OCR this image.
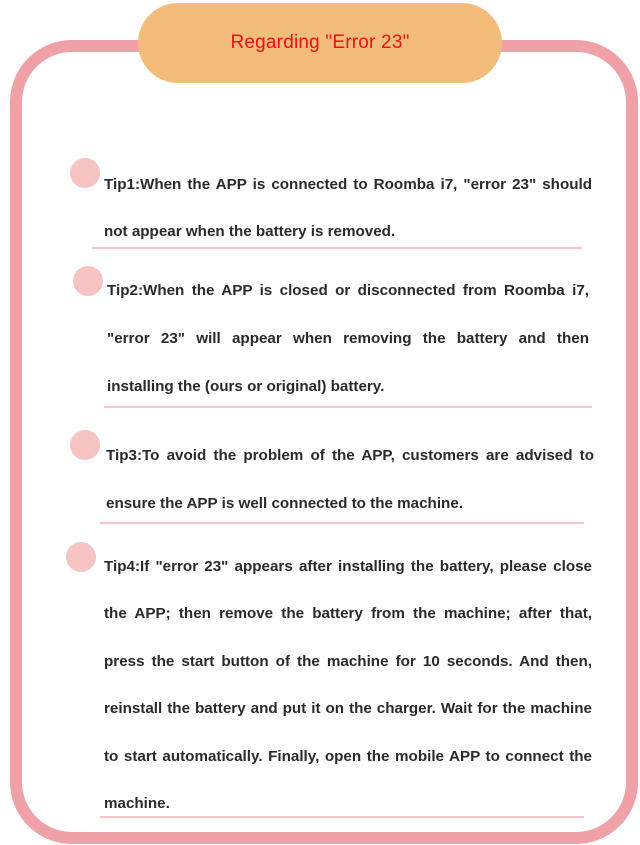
Regarding "Error 23"
Tip1:When the APP is connected to Roomba i7, "error 23" should not appear when the battery is removed.
Tip2:When the APP is closed or disconnected from Roomba i7, "error 23" will appear when removing the battery and then installing the (ours or original) battery.
Tip3:To avoid the problem of the APP, customers are advised to ensure the APP is well connected to the machine.
Tip4:If "error 23" appears after installing the battery, please close the APP; then remove the battery from the machine; after that, press the start button of the machine for 10 seconds. And then, reinstall the battery and put it on the charger. Wait for the machine to start automatically. Finally, open the mobile APP to connect the machine.
